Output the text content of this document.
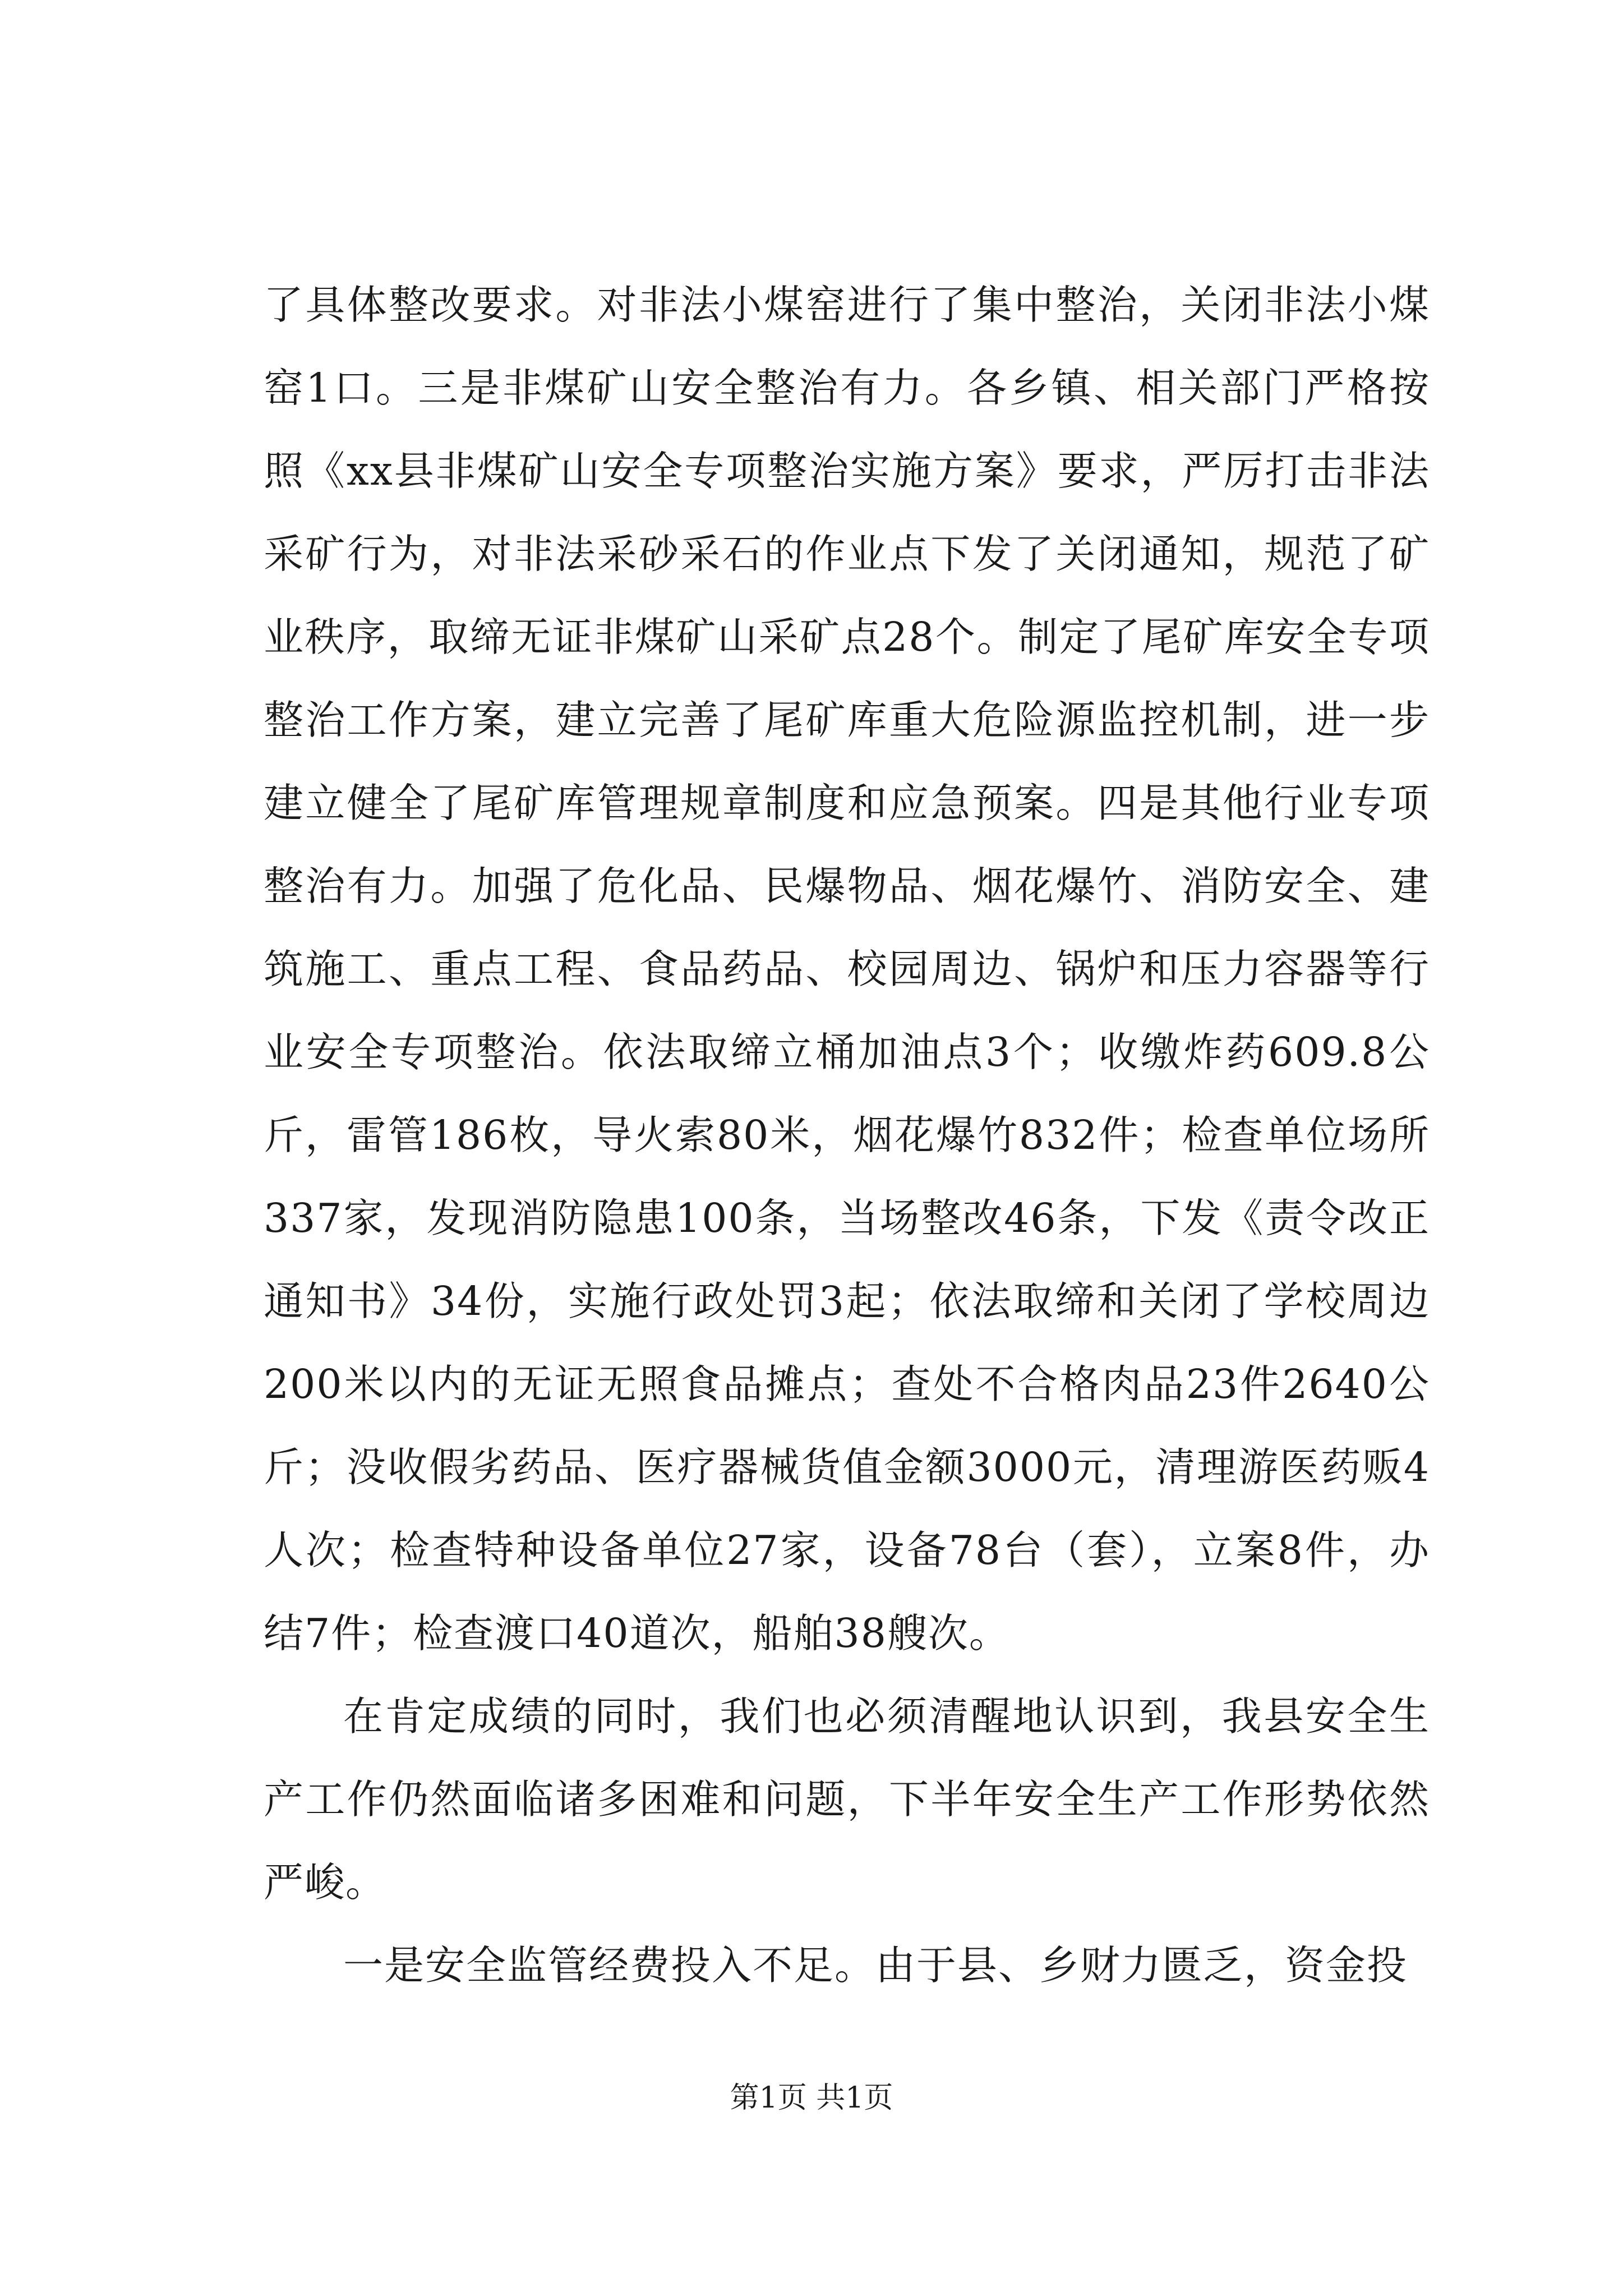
了具体整改要求。对非法小煤窑进行了集中整治，关闭非法小煤窑1口。三是非煤矿山安全整治有力。各乡镇、相关部门严格按照《xx县非煤矿山安全专项整治实施方案》要求，严厉打击非法采矿行为，对非法采砂采石的作业点下发了关闭通知，规范了矿业秩序，取缔无证非煤矿山采矿点28个。制定了尾矿库安全专项整治工作方案，建立完善了尾矿库重大危险源监控机制，进一步建立健全了尾矿库管理规章制度和应急预案。四是其他行业专项整治有力。加强了危化品、民爆物品、烟花爆竹、消防安全、建筑施工、重点工程、食品药品、校园周边、锅炉和压力容器等行业安全专项整治。依法取缔立桶加油点3个；收缴炸药609.8公斤，雷管186枚，导火索80米，烟花爆竹832件；检查单位场所337家，发现消防隐患100条，当场整改46条，下发《责令改正通知书》34份，实施行政处罚3起；依法取缔和关闭了学校周边200米以内的无证无照食品摊点；查处不合格肉品23件2640公斤；没收假劣药品、医疗器械货值金额3000元，清理游医药贩4人次；检查特种设备单位27家，设备78台（套），立案8件，办结7件；检查渡口40道次，船舶38艘次。

在肯定成绩的同时，我们也必须清醒地认识到，我县安全生产工作仍然面临诸多困难和问题，下半年安全生产工作形势依然严峻。

一是安全监管经费投入不足。由于县、乡财力匮乏，资金投

第1页 共1页
